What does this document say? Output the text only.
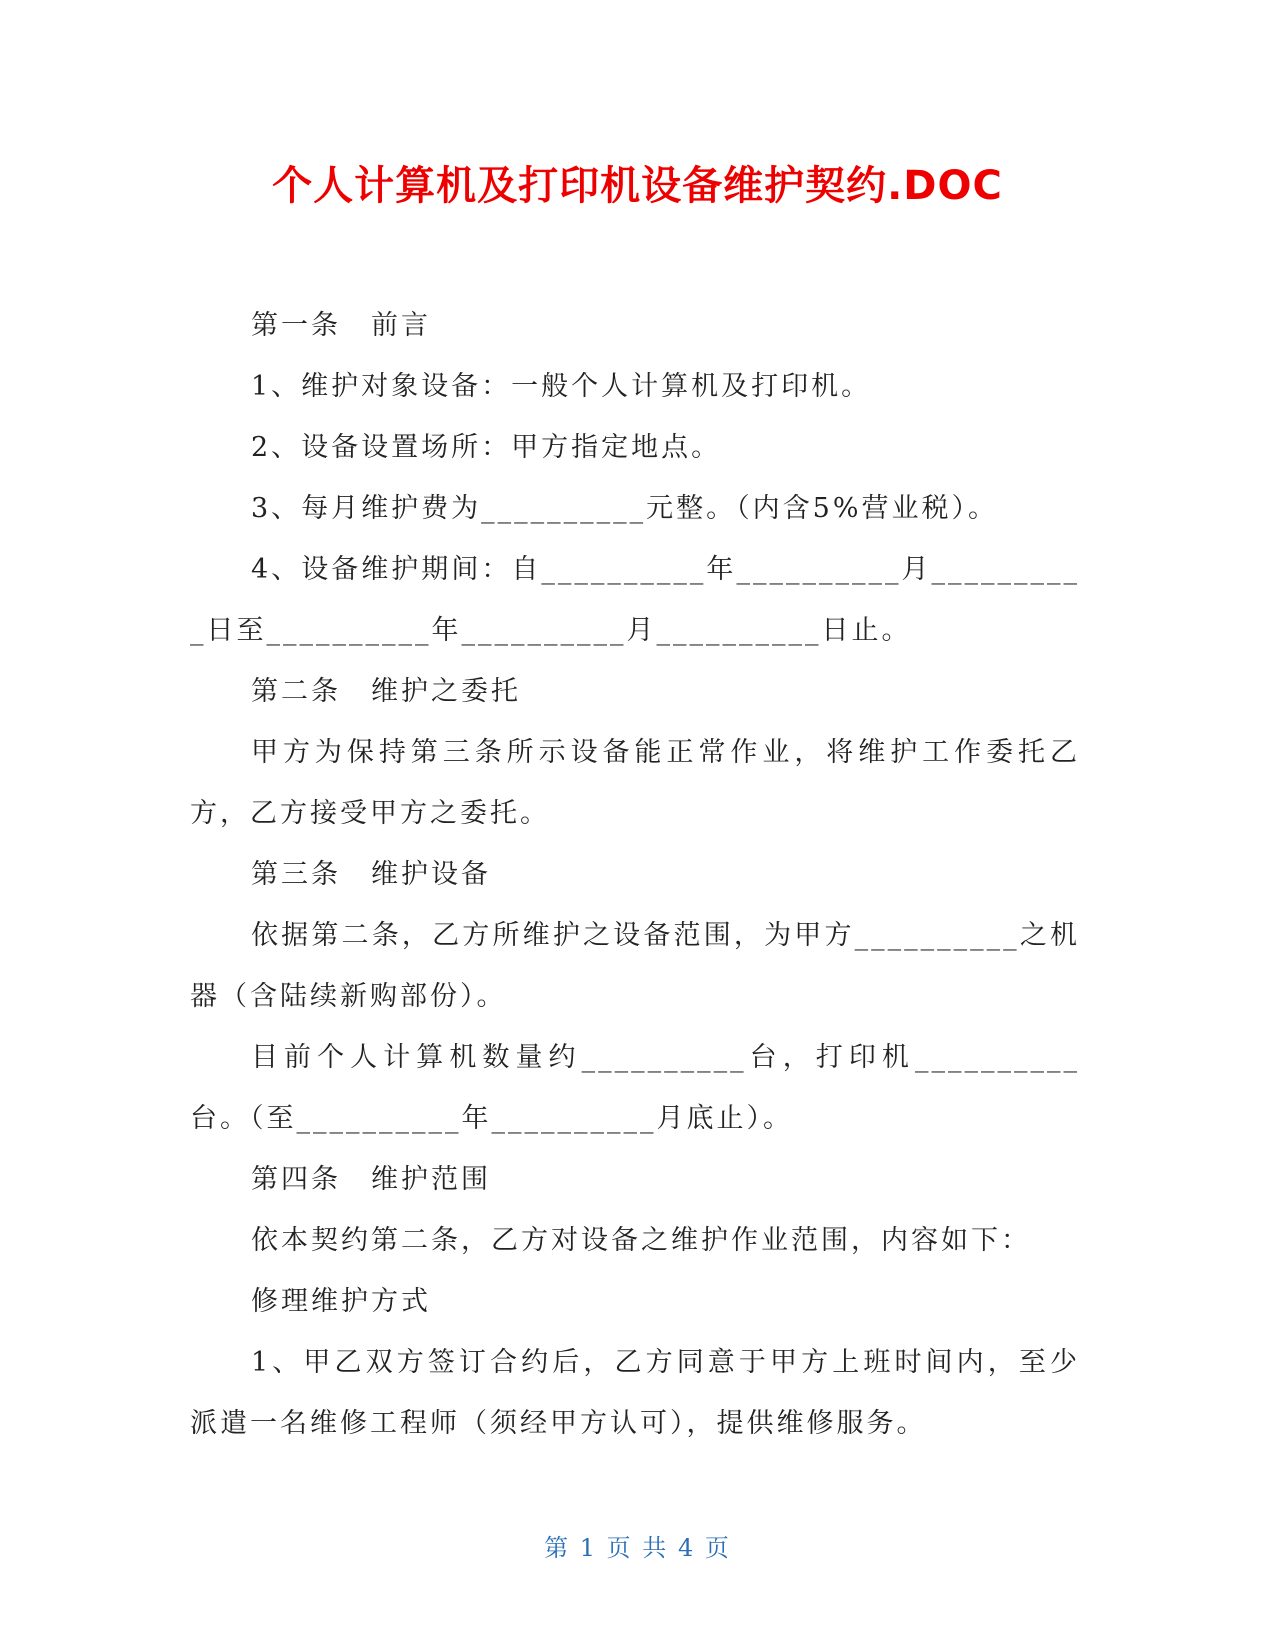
个人计算机及打印机设备维护契约.DOC

第一条　前言

1、维护对象设备：一般个人计算机及打印机。

2、设备设置场所：甲方指定地点。

3、每月维护费为__________元整。（内含5%营业税）。

4、设备维护期间：自__________年__________月__________日至__________年__________月__________日止。

第二条　维护之委托

甲方为保持第三条所示设备能正常作业，将维护工作委托乙方，乙方接受甲方之委托。

第三条　维护设备

依据第二条，乙方所维护之设备范围，为甲方__________之机器（含陆续新购部份）。

目前个人计算机数量约__________台，打印机__________台。（至__________年__________月底止）。

第四条　维护范围

依本契约第二条，乙方对设备之维护作业范围，内容如下：

修理维护方式

1、甲乙双方签订合约后，乙方同意于甲方上班时间内，至少派遣一名维修工程师（须经甲方认可），提供维修服务。

第 1 页 共 4 页
